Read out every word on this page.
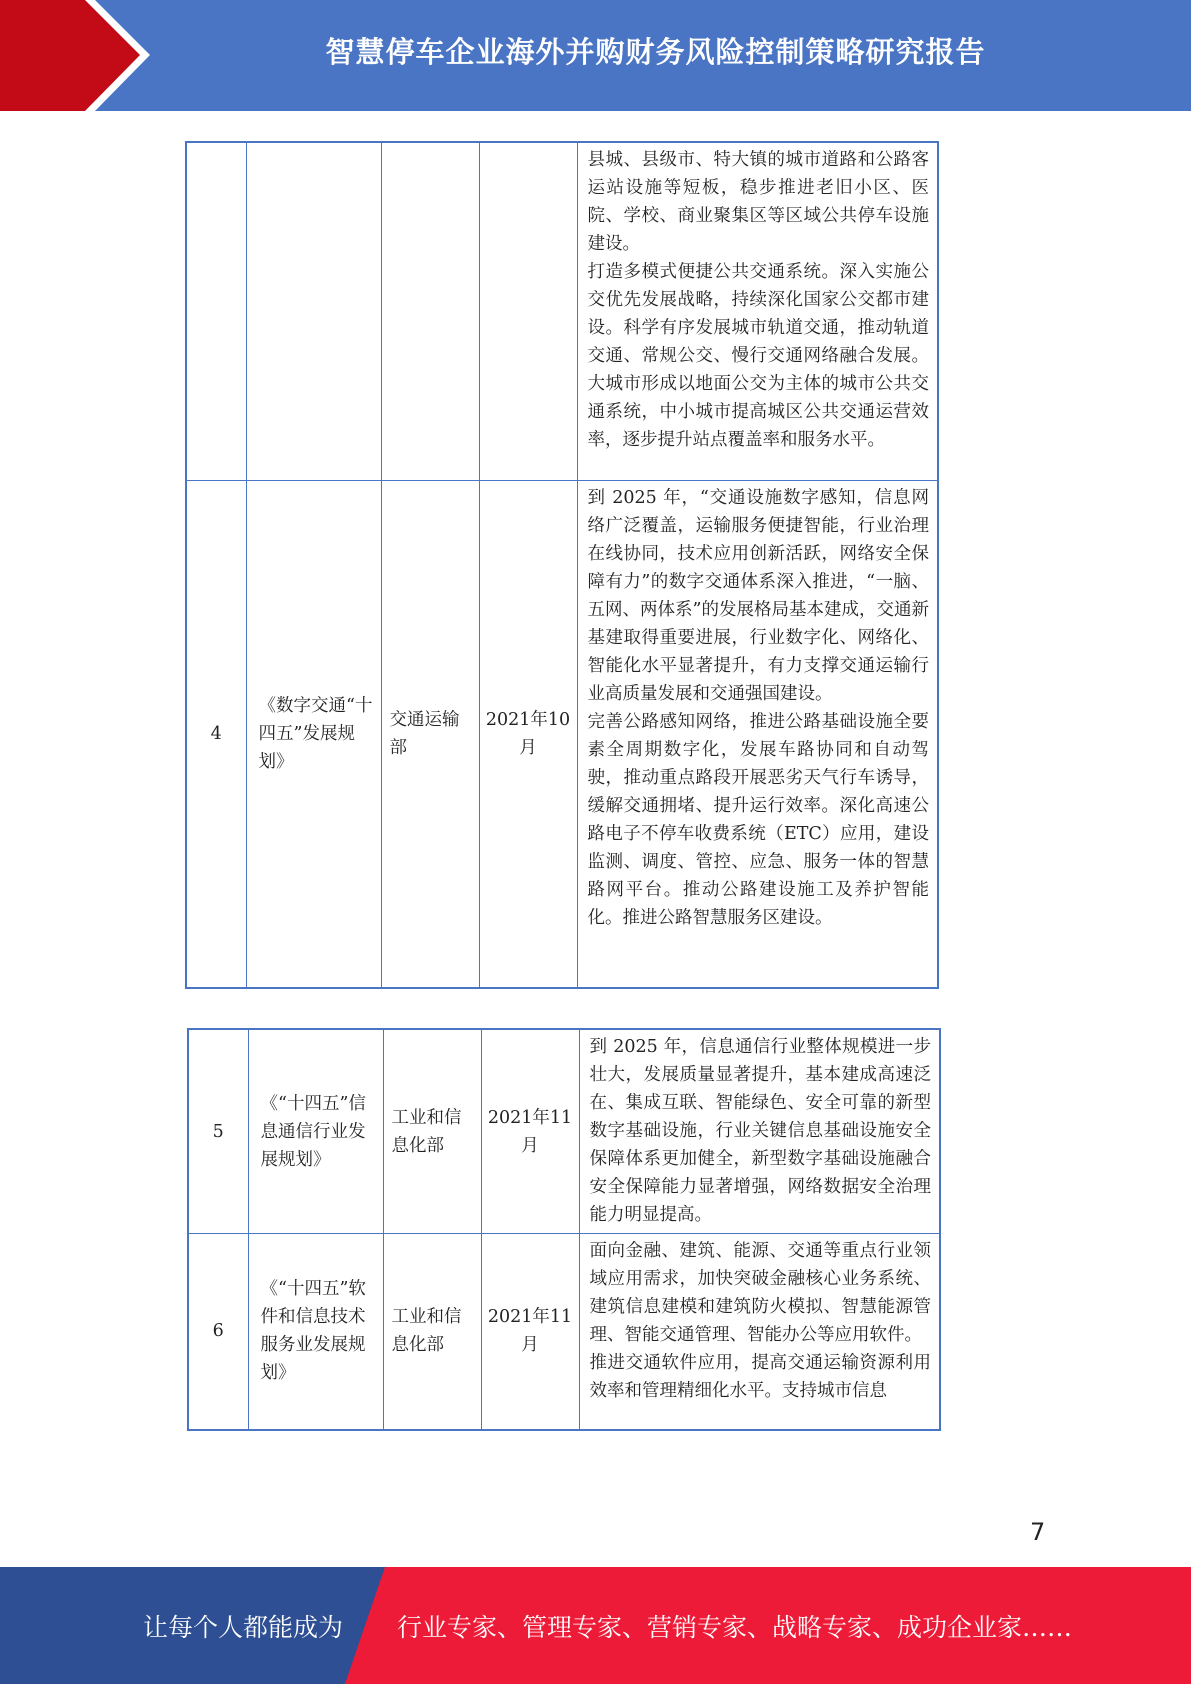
智慧停车企业海外并购财务风险控制策略研究报告

				县城、县级市、特大镇的城市道路和公路客运站设施等短板，稳步推进老旧小区、医院、学校、商业聚集区等区域公共停车设施建设。

打造多模式便捷公共交通系统。深入实施公交优先发展战略，持续深化国家公交都市建设。科学有序发展城市轨道交通，推动轨道交通、常规公交、慢行交通网络融合发展。大城市形成以地面公交为主体的城市公共交通系统，中小城市提高城区公共交通运营效率，逐步提升站点覆盖率和服务水平。

4	《数字交通“十四五”发展规划》	交通运输部	2021年10月	到 2025 年，“交通设施数字感知，信息网络广泛覆盖，运输服务便捷智能，行业治理在线协同，技术应用创新活跃，网络安全保障有力”的数字交通体系深入推进，“一脑、五网、两体系”的发展格局基本建成，交通新基建取得重要进展，行业数字化、网络化、智能化水平显著提升，有力支撑交通运输行业高质量发展和交通强国建设。

完善公路感知网络，推进公路基础设施全要素全周期数字化，发展车路协同和自动驾驶，推动重点路段开展恶劣天气行车诱导，缓解交通拥堵、提升运行效率。深化高速公路电子不停车收费系统（ETC）应用，建设监测、调度、管控、应急、服务一体的智慧路网平台。推动公路建设施工及养护智能化。推进公路智慧服务区建设。

5	《“十四五”信息通信行业发展规划》	工业和信息化部	2021年11月	到 2025 年，信息通信行业整体规模进一步壮大，发展质量显著提升，基本建成高速泛在、集成互联、智能绿色、安全可靠的新型数字基础设施，行业关键信息基础设施安全保障体系更加健全，新型数字基础设施融合安全保障能力显著增强，网络数据安全治理能力明显提高。

6	《“十四五”软件和信息技术服务业发展规划》	工业和信息化部	2021年11月	面向金融、建筑、能源、交通等重点行业领域应用需求，加快突破金融核心业务系统、建筑信息建模和建筑防火模拟、智慧能源管理、智能交通管理、智能办公等应用软件。

推进交通软件应用，提高交通运输资源利用效率和管理精细化水平。支持城市信息

7
让每个人都能成为 行业专家、管理专家、营销专家、战略专家、成功企业家……
